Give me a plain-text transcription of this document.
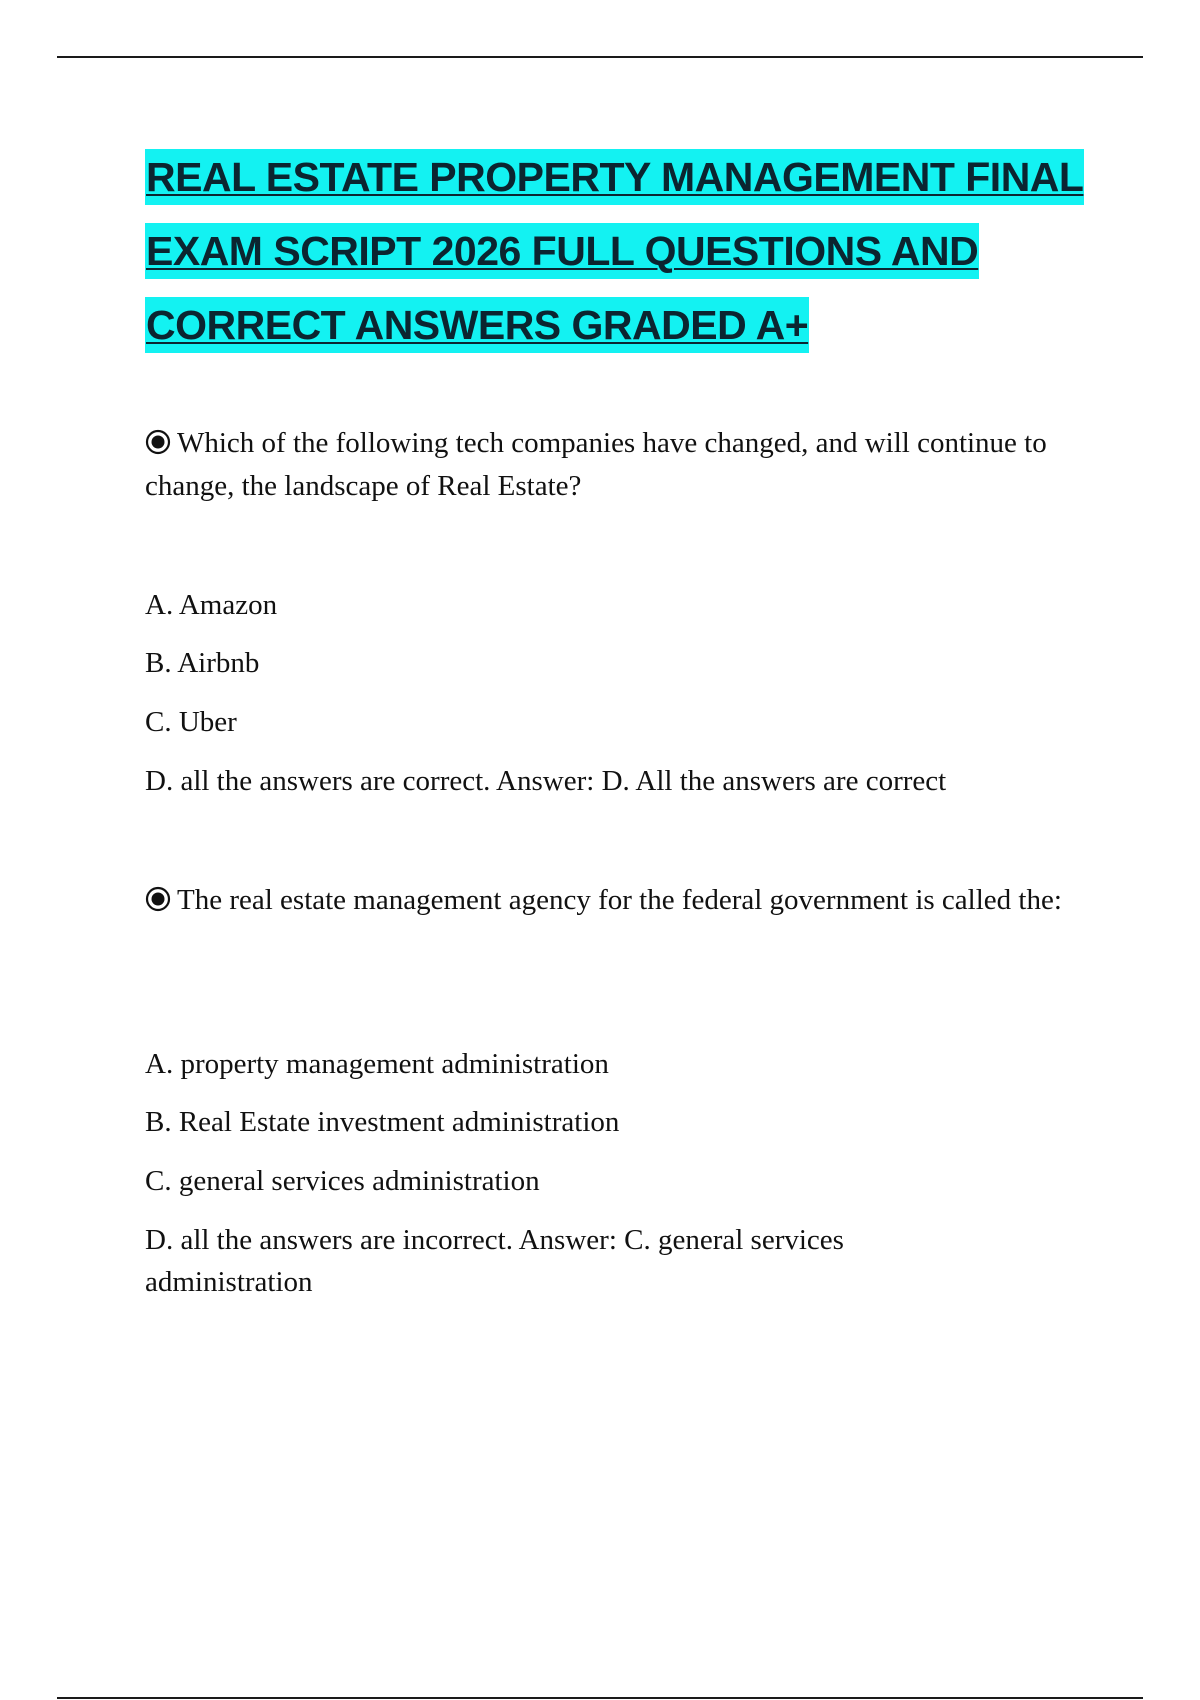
REAL ESTATE PROPERTY MANAGEMENT FINAL
EXAM SCRIPT 2026 FULL QUESTIONS AND
CORRECT ANSWERS GRADED A+

Which of the following tech companies have changed, and will continue to change, the landscape of Real Estate?

A. Amazon
B. Airbnb
C. Uber
D. all the answers are correct. Answer: D. All the answers are correct

The real estate management agency for the federal government is called the:

A. property management administration
B. Real Estate investment administration
C. general services administration
D. all the answers are incorrect. Answer: C. general services administration
